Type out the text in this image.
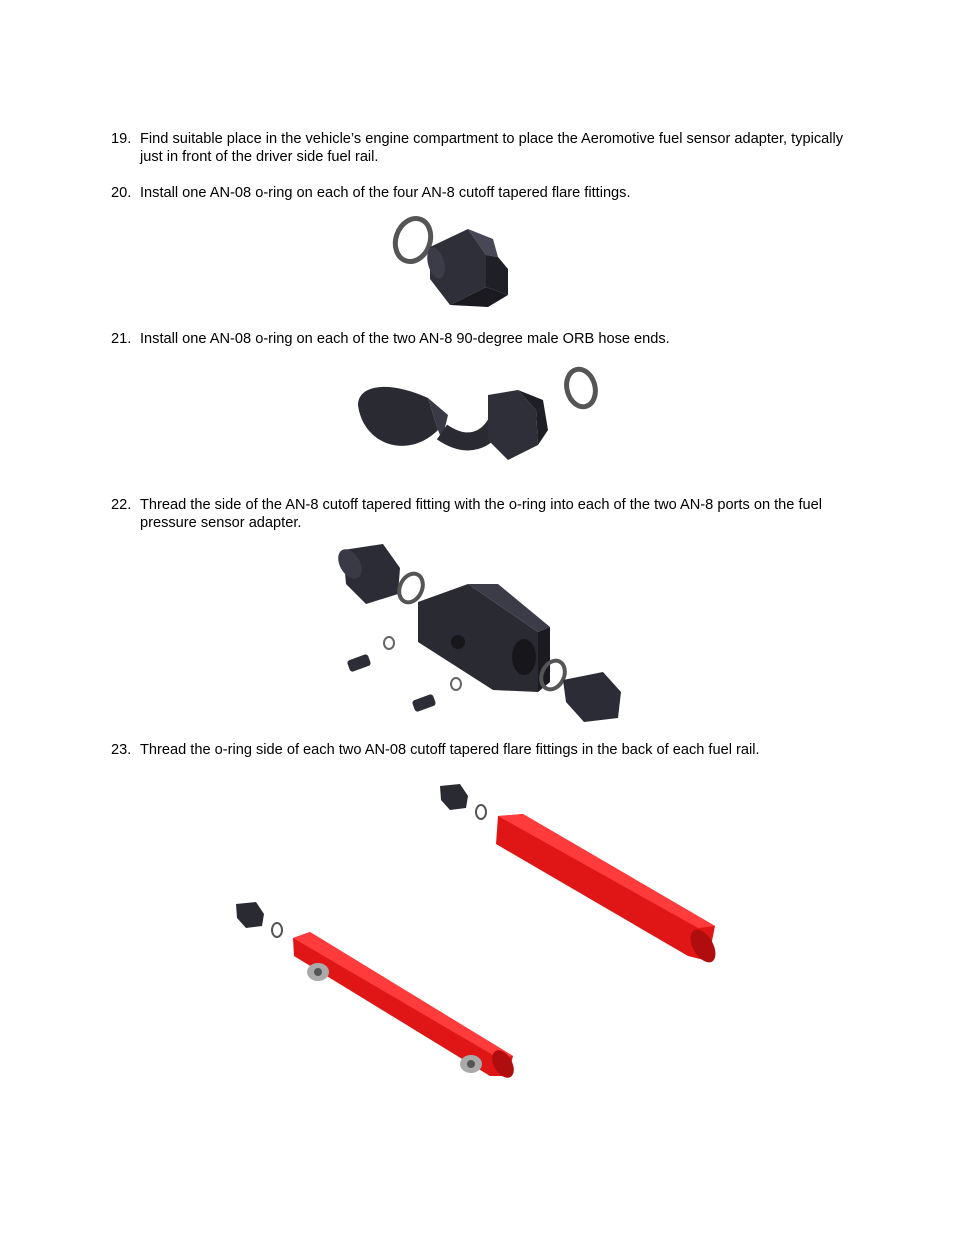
19. Find suitable place in the vehicle’s engine compartment to place the Aeromotive fuel sensor adapter, typically just in front of the driver side fuel rail.
20. Install one AN-08 o-ring on each of the four AN-8 cutoff tapered flare fittings.
21. Install one AN-08 o-ring on each of the two AN-8 90-degree male ORB hose ends.
22. Thread the side of the AN-8 cutoff tapered fitting with the o-ring into each of the two AN-8 ports on the fuel pressure sensor adapter.
23. Thread the o-ring side of each two AN-08 cutoff tapered flare fittings in the back of each fuel rail.
